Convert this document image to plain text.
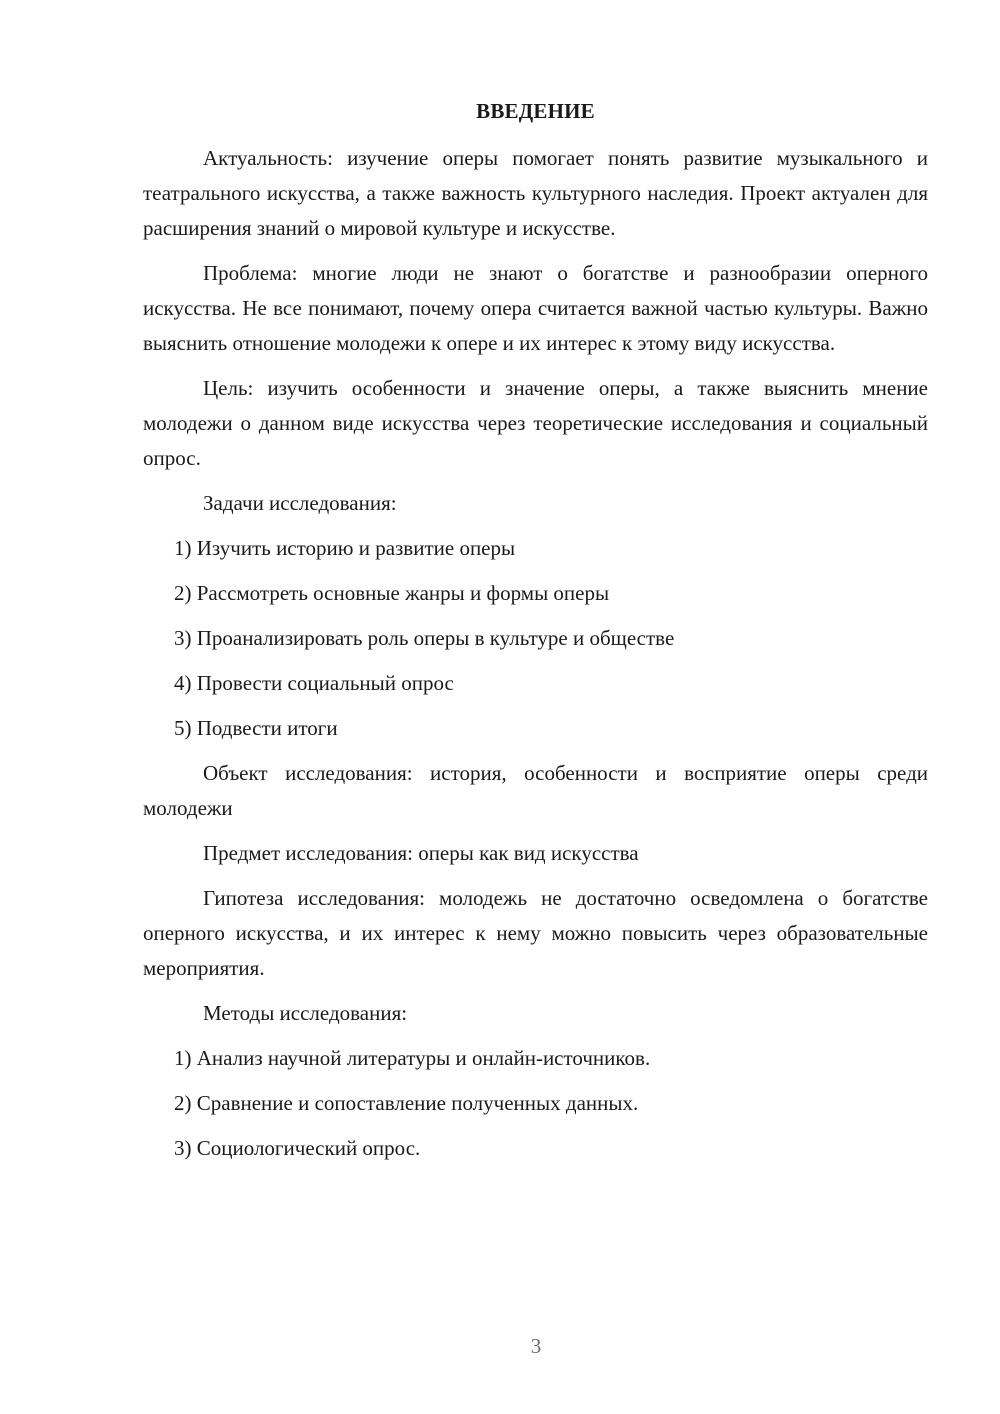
ВВЕДЕНИЕ

Актуальность: изучение оперы помогает понять развитие музыкального и театрального искусства, а также важность культурного наследия. Проект актуален для расширения знаний о мировой культуре и искусстве.

Проблема: многие люди не знают о богатстве и разнообразии оперного искусства. Не все понимают, почему опера считается важной частью культуры. Важно выяснить отношение молодежи к опере и их интерес к этому виду искусства.

Цель: изучить особенности и значение оперы, а также выяснить мнение молодежи о данном виде искусства через теоретические исследования и социальный опрос.

Задачи исследования:

1) Изучить историю и развитие оперы

2) Рассмотреть основные жанры и формы оперы

3) Проанализировать роль оперы в культуре и обществе

4) Провести социальный опрос

5) Подвести итоги

Объект исследования: история, особенности и восприятие оперы среди молодежи

Предмет исследования: оперы как вид искусства

Гипотеза исследования: молодежь не достаточно осведомлена о богатстве оперного искусства, и их интерес к нему можно повысить через образовательные мероприятия.

Методы исследования:

1) Анализ научной литературы и онлайн-источников.

2) Сравнение и сопоставление полученных данных.

3) Социологический опрос.

3
